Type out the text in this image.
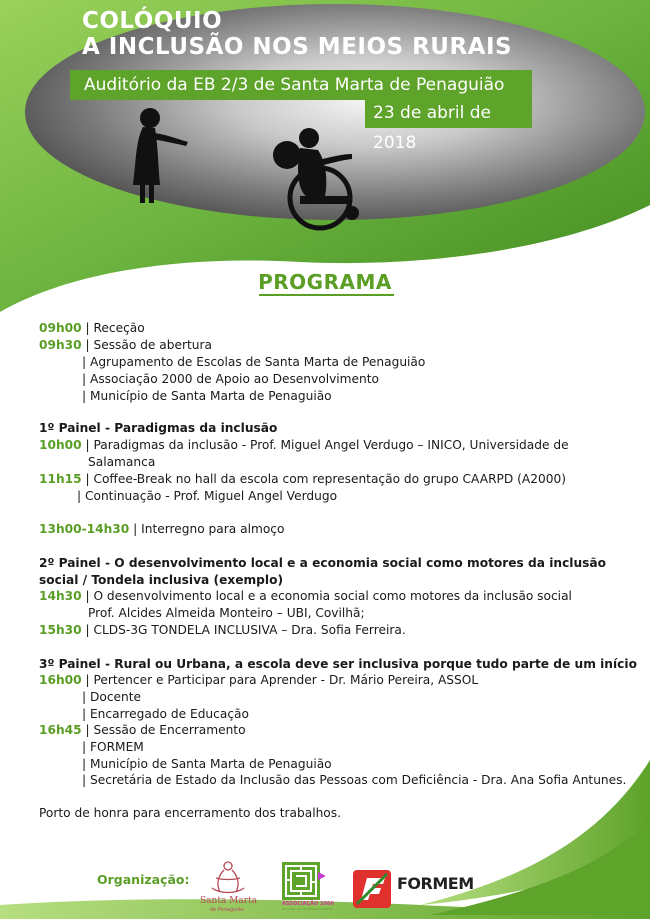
COLÓQUIO
A INCLUSÃO NOS MEIOS RURAIS
Auditório da EB 2/3 de Santa Marta de Penaguião
23 de abril de 2018
PROGRAMA
09h00 | Receção
09h30 | Sessão de abertura
| Agrupamento de Escolas de Santa Marta de Penaguião
| Associação 2000 de Apoio ao Desenvolvimento
| Município de Santa Marta de Penaguião
1º Painel - Paradigmas da inclusão
10h00 | Paradigmas da inclusão - Prof. Miguel Angel Verdugo – INICO, Universidade de
Salamanca
11h15 | Coffee-Break no hall da escola com representação do grupo CAARPD (A2000)
| Continuação - Prof. Miguel Angel Verdugo
13h00-14h30 | Interregno para almoço
2º Painel - O desenvolvimento local e a economia social como motores da inclusão
social / Tondela inclusiva (exemplo)
14h30 | O desenvolvimento local e a economia social como motores da inclusão social
Prof. Alcides Almeida Monteiro – UBI, Covilhã;
15h30 | CLDS-3G TONDELA INCLUSIVA – Dra. Sofia Ferreira.
3º Painel - Rural ou Urbana, a escola deve ser inclusiva porque tudo parte de um início
16h00 | Pertencer e Participar para Aprender - Dr. Mário Pereira, ASSOL
| Docente
| Encarregado de Educação
16h45 | Sessão de Encerramento
| FORMEM
| Município de Santa Marta de Penaguião
| Secretária de Estado da Inclusão das Pessoas com Deficiência - Dra. Ana Sofia Antunes.
Porto de honra para encerramento dos trabalhos.
Organização:
Santa Marta
de Penaguião
ASSOCIAÇÃO 2000
DE APOIO AO DESENVOLVIMENTO
FORMEM
